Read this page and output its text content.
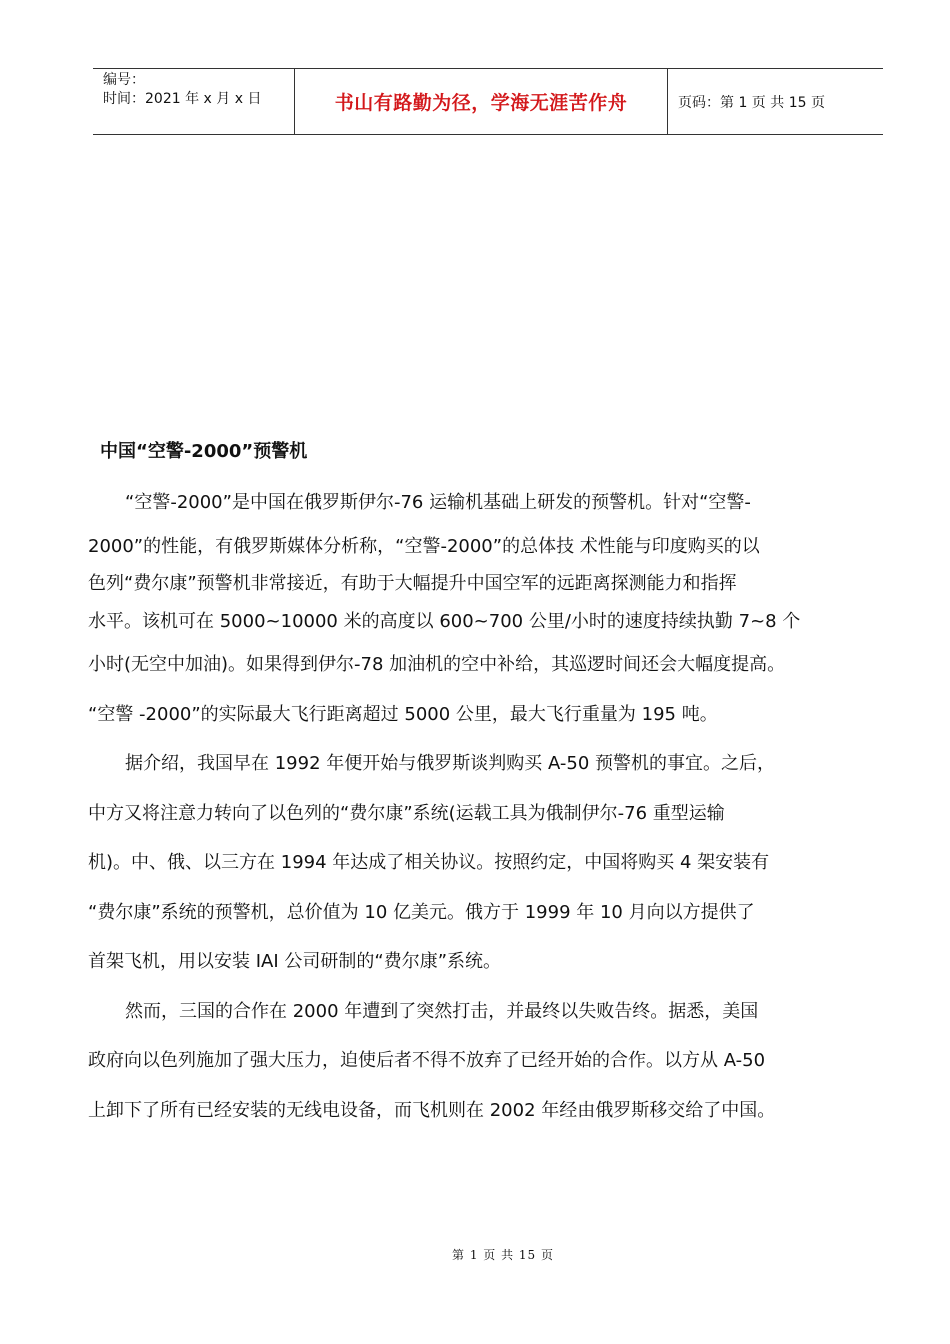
编号：
时间：2021 年 x 月 x 日	书山有路勤为径，学海无涯苦作舟	页码：第 1 页 共 15 页
中国“空警-2000”预警机
“空警-2000”是中国在俄罗斯伊尔-76 运输机基础上研发的预警机。针对“空警-
2000”的性能，有俄罗斯媒体分析称，“空警-2000”的总体技 术性能与印度购买的以
色列“费尔康”预警机非常接近，有助于大幅提升中国空军的远距离探测能力和指挥
水平。该机可在 5000~10000 米的高度以 600~700 公里/小时的速度持续执勤 7~8 个
小时(无空中加油)。如果得到伊尔-78 加油机的空中补给，其巡逻时间还会大幅度提高。
“空警 -2000”的实际最大飞行距离超过 5000 公里，最大飞行重量为 195 吨。
据介绍，我国早在 1992 年便开始与俄罗斯谈判购买 A-50 预警机的事宜。之后，
中方又将注意力转向了以色列的“费尔康”系统(运载工具为俄制伊尔-76 重型运输
机)。中、俄、以三方在 1994 年达成了相关协议。按照约定，中国将购买 4 架安装有
“费尔康”系统的预警机，总价值为 10 亿美元。俄方于 1999 年 10 月向以方提供了
首架飞机，用以安装 IAI 公司研制的“费尔康”系统。
然而，三国的合作在 2000 年遭到了突然打击，并最终以失败告终。据悉，美国
政府向以色列施加了强大压力，迫使后者不得不放弃了已经开始的合作。以方从 A-50
上卸下了所有已经安装的无线电设备，而飞机则在 2002 年经由俄罗斯移交给了中国。
第 1 页 共 15 页
